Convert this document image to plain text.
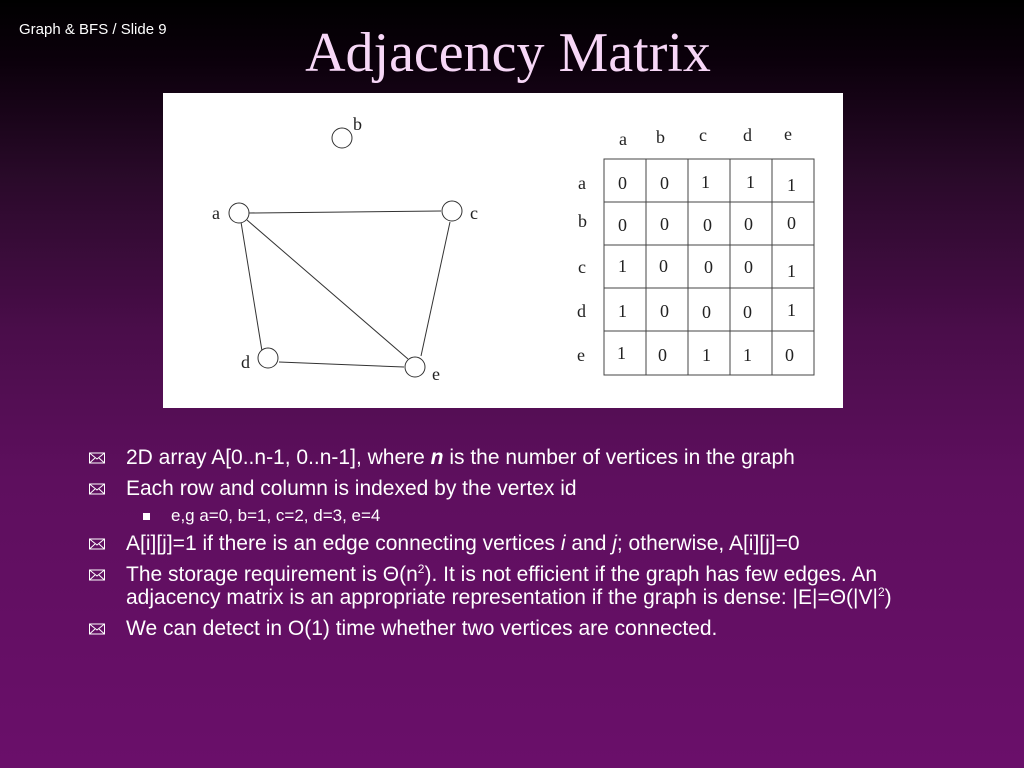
Graph & BFS / Slide 9	Adjacency Matrix
b
a	c
d
e
a b c d e
a
b
c
d
e
0 0 1 1 1
0 0 0 0 0
1 0 0 0 1
1 0 0 0 1
1 0 1 1 0
2D array A[0..n-1, 0..n-1], where n is the number of vertices in the graph
Each row and column is indexed by the vertex id
e,g a=0, b=1, c=2, d=3, e=4
A[i][j]=1 if there is an edge connecting vertices i and j; otherwise, A[i][j]=0
The storage requirement is $\Theta(n^2)$. It is not efficient if the graph has few edges. An adjacency matrix is an appropriate representation if the graph is dense: $|E|=\Theta(|V|^2)$
We can detect in O(1) time whether two vertices are connected.
